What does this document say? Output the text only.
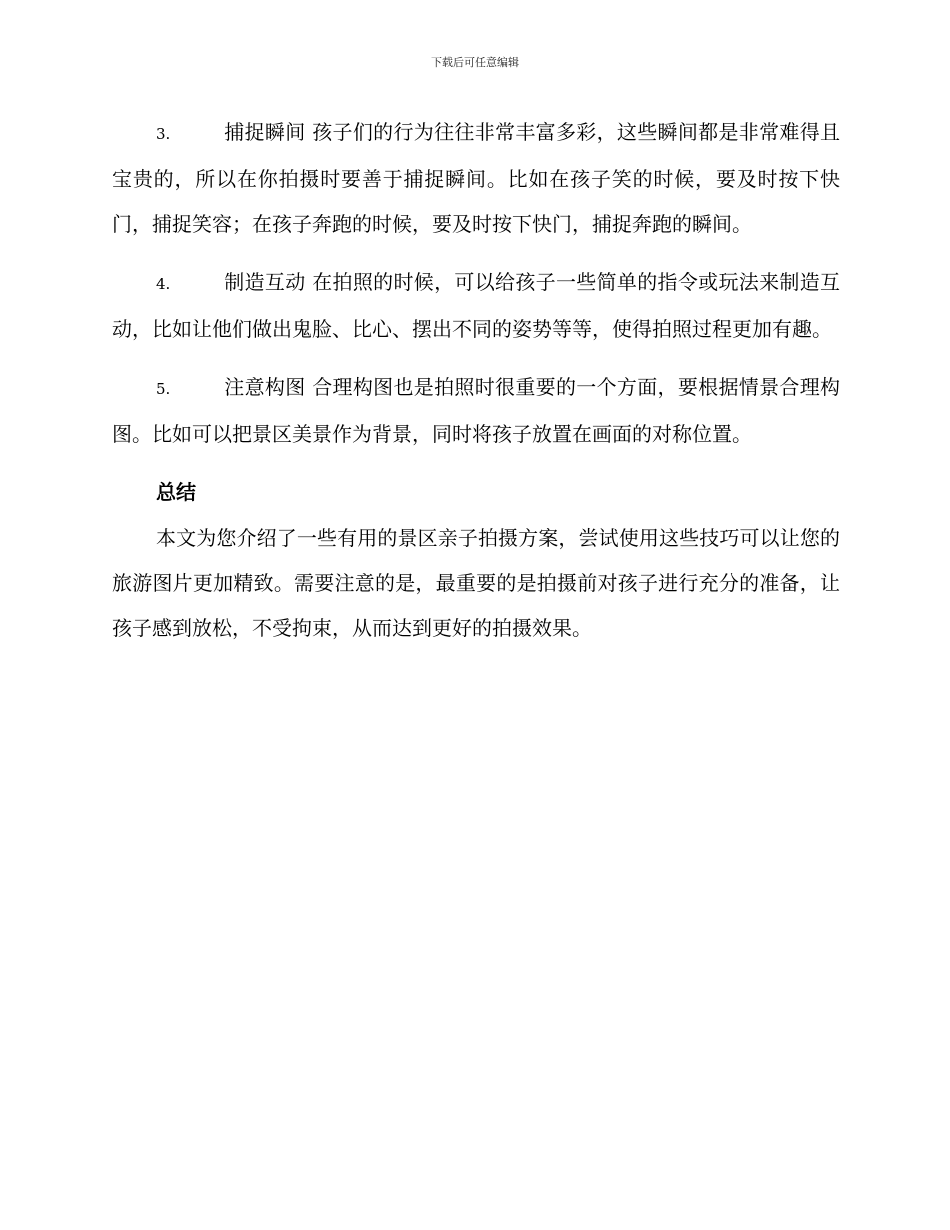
下载后可任意编辑

3.	捕捉瞬间 孩子们的行为往往非常丰富多彩，这些瞬间都是非常难得且宝贵的，所以在你拍摄时要善于捕捉瞬间。比如在孩子笑的时候，要及时按下快门，捕捉笑容；在孩子奔跑的时候，要及时按下快门，捕捉奔跑的瞬间。

4.	制造互动 在拍照的时候，可以给孩子一些简单的指令或玩法来制造互动，比如让他们做出鬼脸、比心、摆出不同的姿势等等，使得拍照过程更加有趣。

5.	注意构图 合理构图也是拍照时很重要的一个方面，要根据情景合理构图。比如可以把景区美景作为背景，同时将孩子放置在画面的对称位置。

总结

本文为您介绍了一些有用的景区亲子拍摄方案，尝试使用这些技巧可以让您的旅游图片更加精致。需要注意的是，最重要的是拍摄前对孩子进行充分的准备，让孩子感到放松，不受拘束，从而达到更好的拍摄效果。
